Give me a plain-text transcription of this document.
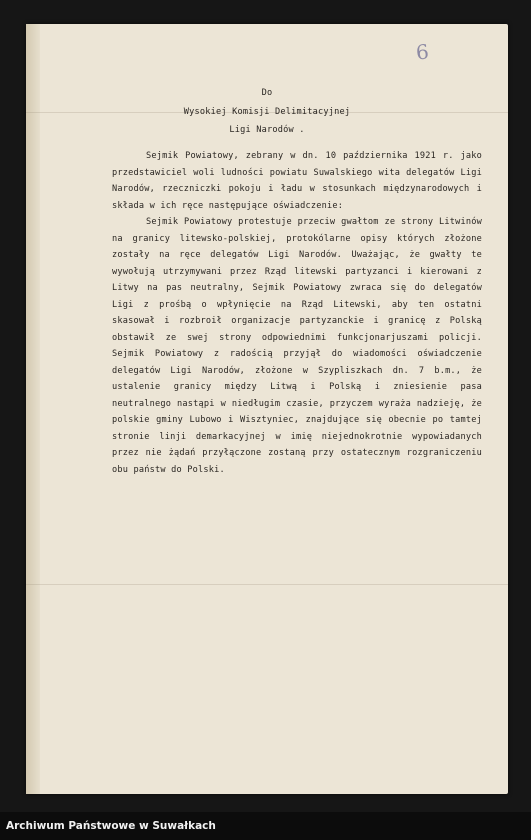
6

Do

Wysokiej Komisji Delimitacyjnej

Ligi Narodów .

Sejmik Powiatowy, zebrany w dn. 10 października 1921 r. jako przedstawiciel woli ludności powiatu Suwalskiego wita delegatów Ligi Narodów, rzeczniczki pokoju i ładu w stosunkach międzynarodowych i składa w ich ręce następujące oświadczenie:

Sejmik Powiatowy protestuje przeciw gwałtom ze strony Litwinów na granicy litewsko-polskiej, protokólarne opisy których złożone zostały na ręce delegatów Ligi Narodów. Uważając, że gwałty te wywołują utrzymywani przez Rząd litewski partyzanci i kierowani z Litwy na pas neutralny, Sejmik Powiatowy zwraca się do delegatów Ligi z prośbą o wpłynięcie na Rząd Litewski, aby ten ostatni skasował i rozbroił organizacje partyzanckie i granicę z Polską obstawił ze swej strony odpowiednimi funkcjonarjuszami policji. Sejmik Powiatowy z radością przyjął do wiadomości oświadczenie delegatów Ligi Narodów, złożone w Szypliszkach dn. 7 b.m., że ustalenie granicy między Litwą i Polską i zniesienie pasa neutralnego nastąpi w niedługim czasie, przyczem wyraża nadzieję, że polskie gminy Lubowo i Wisztyniec, znajdujące się obecnie po tamtej stronie linji demarkacyjnej w imię niejednokrotnie wypowiadanych przez nie żądań przyłączone zostaną przy ostatecznym rozgraniczeniu obu państw do Polski.

Archiwum Państwowe w Suwałkach
